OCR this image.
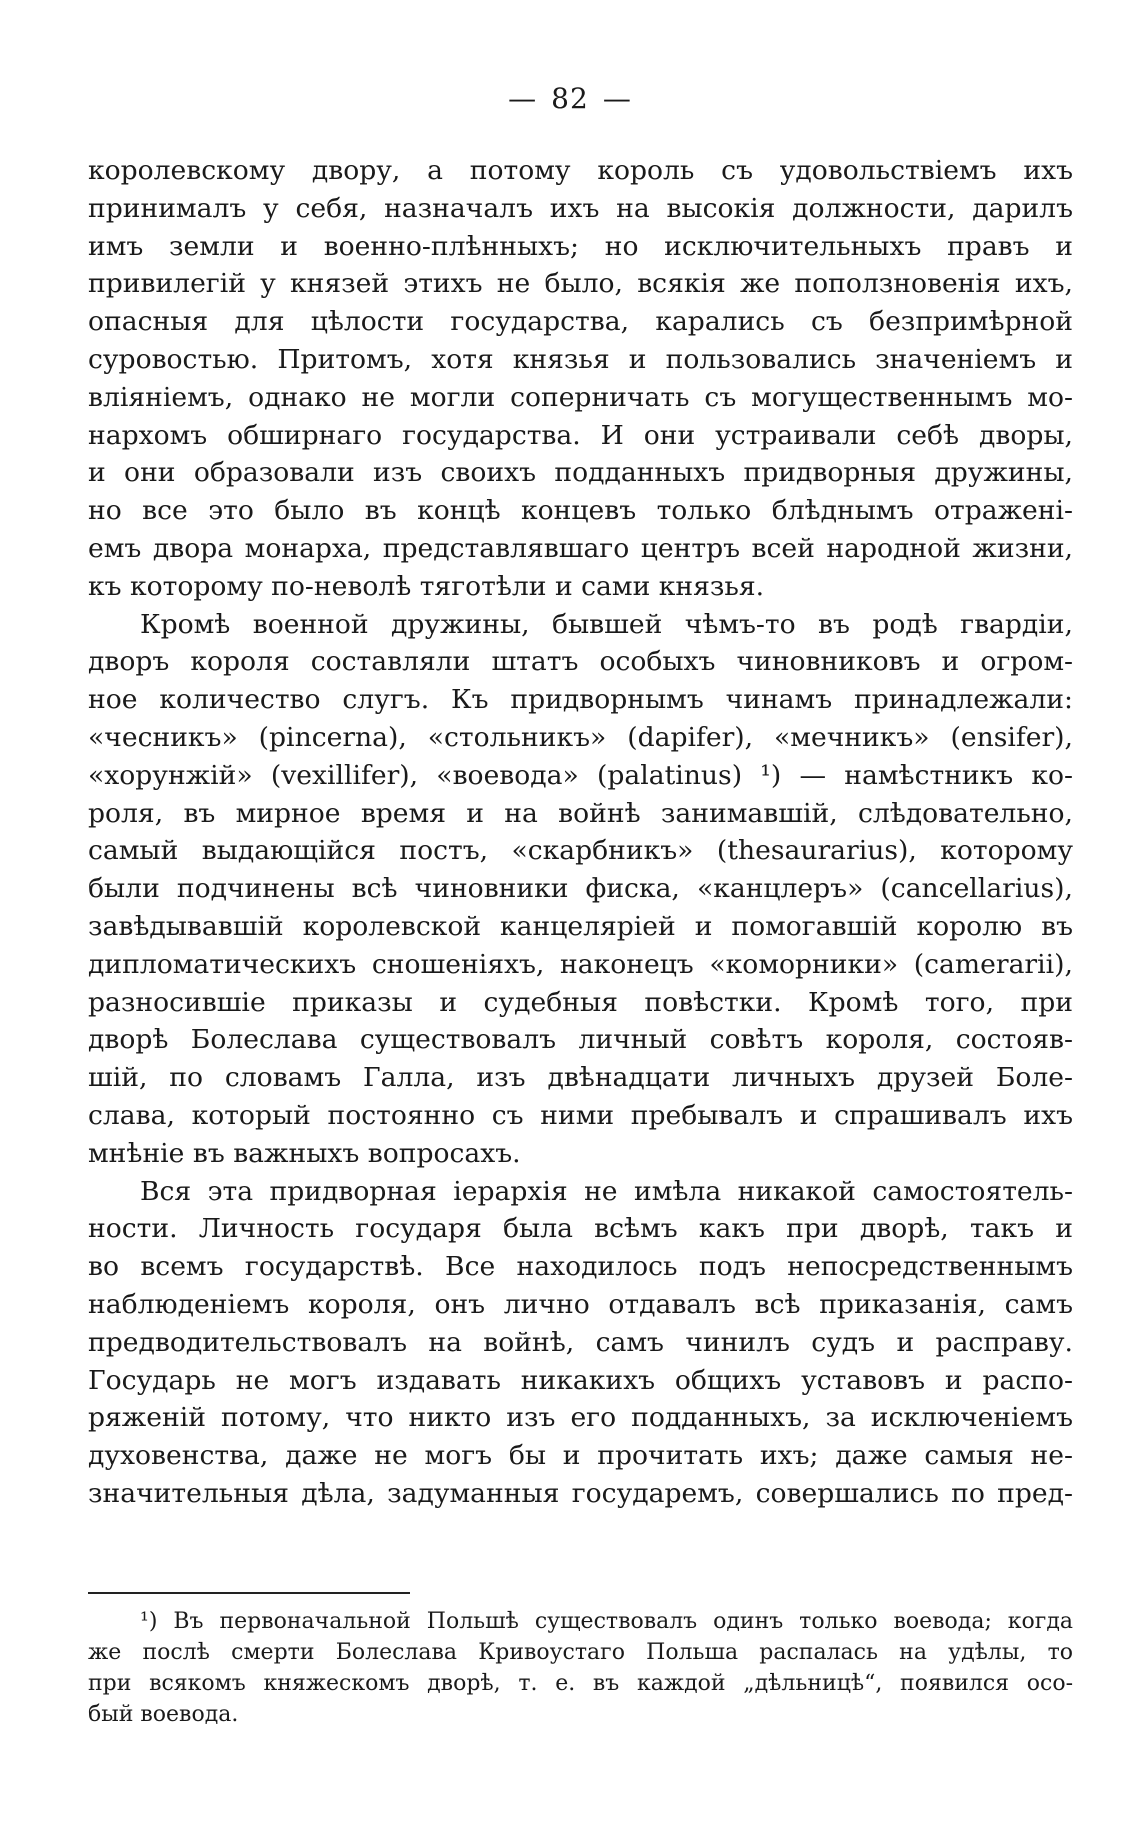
— 82 —
королевскому двору, а потому король съ удовольствiемъ ихъ
принималъ у себя, назначалъ ихъ на высокiя должности, дарилъ
имъ земли и военно-плѣнныхъ; но исключительныхъ правъ и
привилегiй у князей этихъ не было, всякiя же поползновенiя ихъ,
опасныя для цѣлости государства, карались съ безпримѣрной
суровостью. Притомъ, хотя князья и пользовались значенiемъ и
влiянiемъ, однако не могли соперничать съ могущественнымъ мо-
нархомъ обширнаго государства. И они устраивали себѣ дворы,
и они образовали изъ своихъ подданныхъ придворныя дружины,
но все это было въ концѣ концевъ только блѣднымъ отраженi-
емъ двора монарха, представлявшаго центръ всей народной жизни,
къ которому по-неволѣ тяготѣли и сами князья.
Кромѣ военной дружины, бывшей чѣмъ-то въ родѣ гвардiи,
дворъ короля составляли штатъ особыхъ чиновниковъ и огром-
ное количество слугъ. Къ придворнымъ чинамъ принадлежали:
«чесникъ» (pincerna), «стольникъ» (dapifer), «мечникъ» (ensifer),
«хорунжiй» (vexillifer), «воевода» (palatinus) ¹) — намѣстникъ ко-
роля, въ мирное время и на войнѣ занимавшiй, слѣдовательно,
самый выдающiйся постъ, «скарбникъ» (thesaurarius), которому
были подчинены всѣ чиновники фиска, «канцлеръ» (cancellarius),
завѣдывавшiй королевской канцелярiей и помогавшiй королю въ
дипломатическихъ сношенiяхъ, наконецъ «коморники» (camerarii),
разносившiе приказы и судебныя повѣстки. Кромѣ того, при
дворѣ Болеслава существовалъ личный совѣтъ короля, состояв-
шiй, по словамъ Галла, изъ двѣнадцати личныхъ друзей Боле-
слава, который постоянно съ ними пребывалъ и спрашивалъ ихъ
мнѣнiе въ важныхъ вопросахъ.
Вся эта придворная iерархiя не имѣла никакой самостоятель-
ности. Личность государя была всѣмъ какъ при дворѣ, такъ и
во всемъ государствѣ. Все находилось подъ непосредственнымъ
наблюденiемъ короля, онъ лично отдавалъ всѣ приказанiя, самъ
предводительствовалъ на войнѣ, самъ чинилъ судъ и расправу.
Государь не могъ издавать никакихъ общихъ уставовъ и распо-
ряженiй потому, что никто изъ его подданныхъ, за исключенiемъ
духовенства, даже не могъ бы и прочитать ихъ; даже самыя не-
значительныя дѣла, задуманныя государемъ, совершались по пред-
¹) Въ первоначальной Польшѣ существовалъ одинъ только воевода; когда
же послѣ смерти Болеслава Кривоустаго Польша распалась на удѣлы, то
при всякомъ княжескомъ дворѣ, т. е. въ каждой „дѣльницѣ“, появился осо-
бый воевода.
